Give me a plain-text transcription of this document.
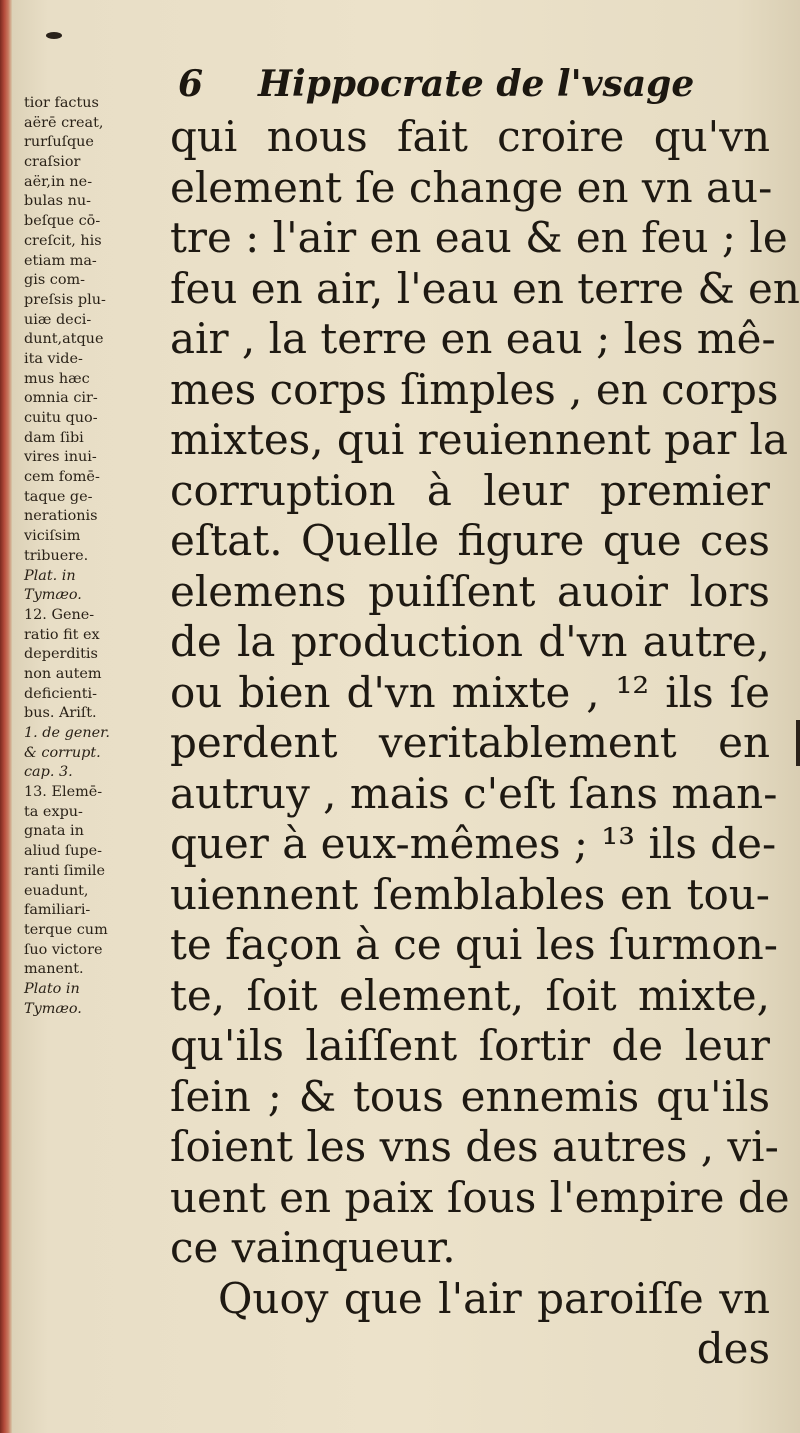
6 Hippocrate de l'vsage
tior factus
aërē creat,
rurſuſque
craſsior
aër,in ne-
bulas nu-
beſque cō-
creſcit, his
etiam ma-
gis com-
preſsis plu-
uiæ deci-
dunt,atque
ita vide-
mus hæc
omnia cir-
cuitu quo-
dam ſibi
vires inui-
cem fomē-
taque ge-
nerationis
viciſsim
tribuere.
Plat. in
Tymæo.
12. Gene-
ratio fit ex
deperditis
non autem
deficienti-
bus. Ariſt.
1. de gener.
& corrupt.
cap. 3.
13. Elemē-
ta expu-
gnata in
aliud ſupe-
ranti ſimile
euadunt,
familiari-
terque cum
ſuo victore
manent.
Plato in
Tymæo.
qui nous fait croire qu'vn
element ſe change en vn au-
tre : l'air en eau & en feu ; le
feu en air, l'eau en terre & en
air , la terre en eau ; les mê-
mes corps ſimples , en corps
mixtes, qui reuiennent par la
corruption à leur premier
eſtat. Quelle figure que ces
elemens puiſſent auoir lors
de la production d'vn autre,
ou bien d'vn mixte , ¹² ils ſe
perdent veritablement en
autruy , mais c'eſt ſans man-
quer à eux-mêmes ; ¹³ ils de-
uiennent ſemblables en tou-
te façon à ce qui les ſurmon-
te, ſoit element, ſoit mixte,
qu'ils laiſſent ſortir de leur
ſein ; & tous ennemis qu'ils
ſoient les vns des autres , vi-
uent en paix ſous l'empire de
ce vainqueur.
Quoy que l'air paroiſſe vn
des
